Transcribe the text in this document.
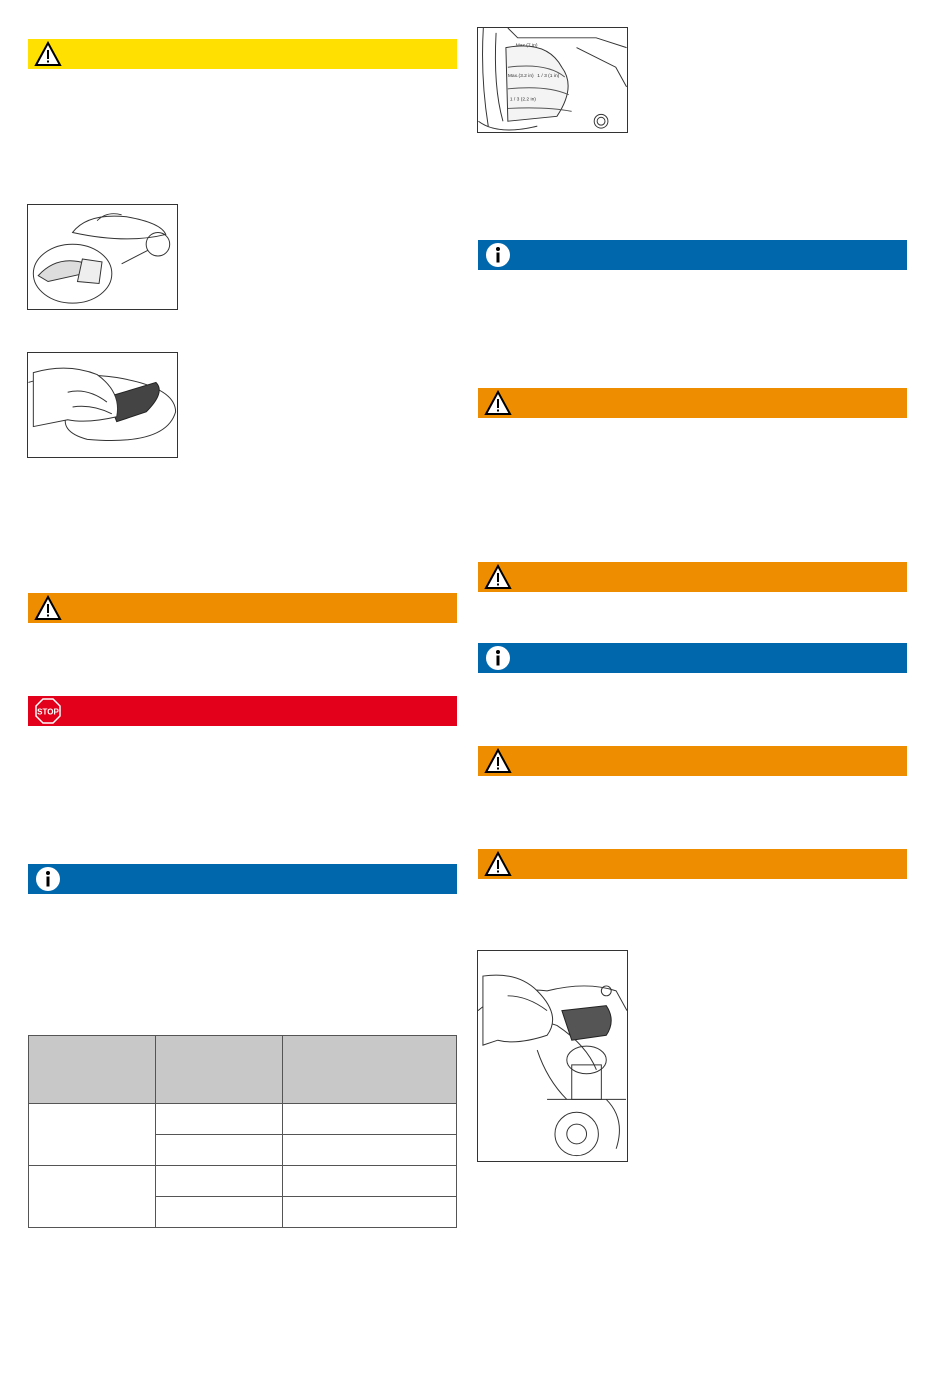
STOP

Max.(7 in)
Max.(3.2 in) 1 / 3 (1 in)
1 / 3 (2.2 in)
